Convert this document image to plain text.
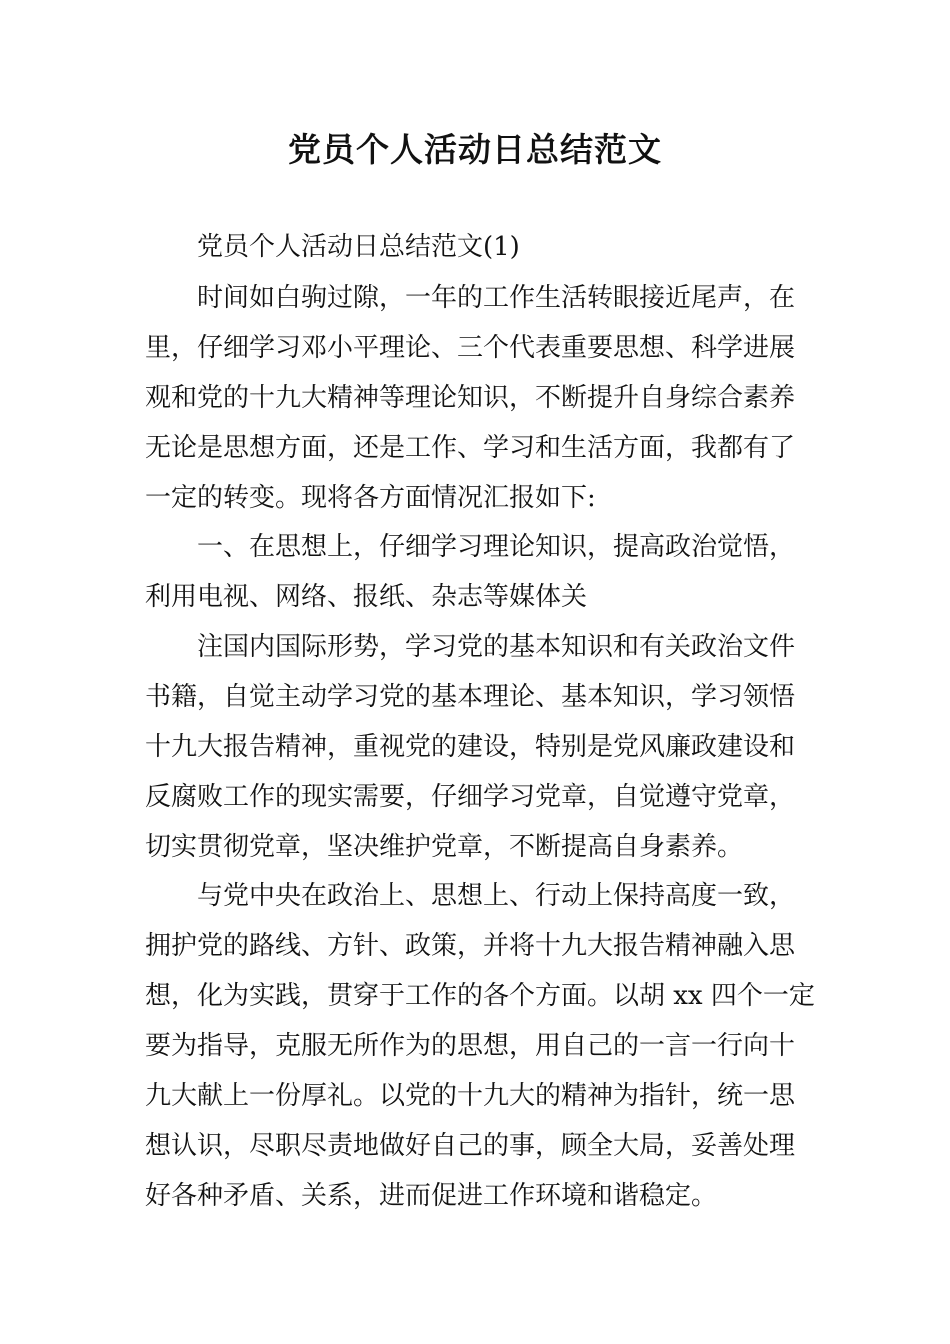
党员个人活动日总结范文

党员个人活动日总结范文(1)

时间如白驹过隙，一年的工作生活转眼接近尾声，在

里，仔细学习邓小平理论、三个代表重要思想、科学进展

观和党的十九大精神等理论知识，不断提升自身综合素养

无论是思想方面，还是工作、学习和生活方面，我都有了

一定的转变。现将各方面情况汇报如下:

一、在思想上，仔细学习理论知识，提高政治觉悟，

利用电视、网络、报纸、杂志等媒体关

注国内国际形势，学习党的基本知识和有关政治文件

书籍，自觉主动学习党的基本理论、基本知识，学习领悟

十九大报告精神，重视党的建设，特别是党风廉政建设和

反腐败工作的现实需要，仔细学习党章，自觉遵守党章，

切实贯彻党章，坚决维护党章，不断提高自身素养。

与党中央在政治上、思想上、行动上保持高度一致，

拥护党的路线、方针、政策，并将十九大报告精神融入思

想，化为实践，贯穿于工作的各个方面。以胡 xx 四个一定

要为指导，克服无所作为的思想，用自己的一言一行向十

九大献上一份厚礼。以党的十九大的精神为指针，统一思

想认识，尽职尽责地做好自己的事，顾全大局，妥善处理

好各种矛盾、关系，进而促进工作环境和谐稳定。
